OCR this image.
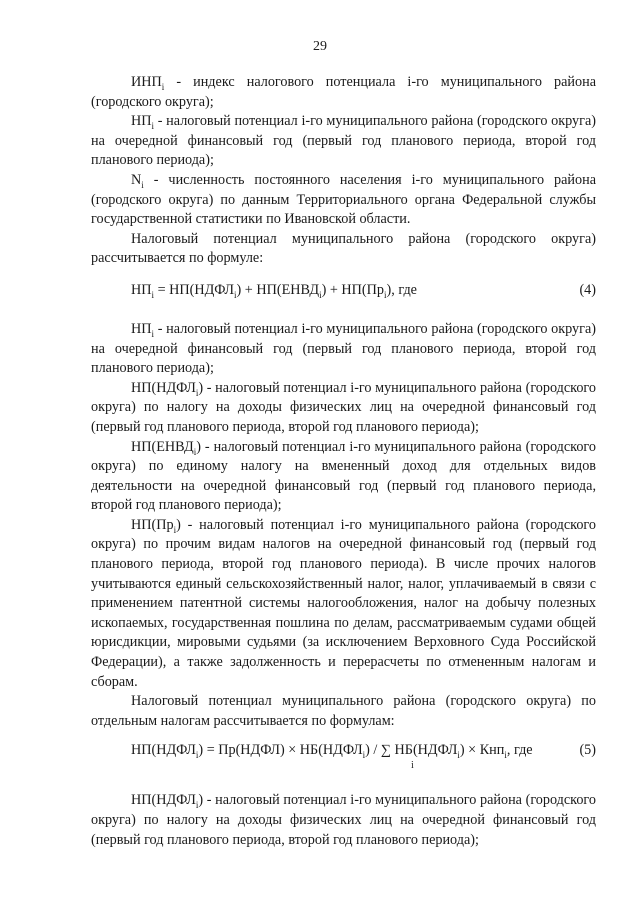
29

$ИНП_i$ - индекс налогового потенциала i-го муниципального района (городского округа);

$НП_i$ - налоговый потенциал i-го муниципального района (городского округа) на очередной финансовый год (первый год планового периода, второй год планового периода);

$N_i$ - численность постоянного населения i-го муниципального района (городского округа) по данным Территориального органа Федеральной службы государственной статистики по Ивановской области.

Налоговый потенциал муниципального района (городского округа) рассчитывается по формуле:

$НП_i$ = $НП(НДФЛ_i)$ + $НП(ЕНВД_i) + НП(Пр_i)$, где	(4)

$НП_i$ - налоговый потенциал i-го муниципального района (городского округа) на очередной финансовый год (первый год планового периода, второй год планового периода);

$НП(НДФЛ_i)$ - налоговый потенциал i-го муниципального района (городского округа) по налогу на доходы физических лиц на очередной финансовый год (первый год планового периода, второй год планового периода);

$НП(ЕНВД_i)$ - налоговый потенциал i-го муниципального района (городского округа) по единому налогу на вмененный доход для отдельных видов деятельности на очередной финансовый год (первый год планового периода, второй год планового периода);

$НП(Пр_i)$ - налоговый потенциал i-го муниципального района (городского округа) по прочим видам налогов на очередной финансовый год (первый год планового периода, второй год планового периода). В числе прочих налогов учитываются единый сельскохозяйственный налог, налог, уплачиваемый в связи с применением патентной системы налогообложения, налог на добычу полезных ископаемых, государственная пошлина по делам, рассматриваемым судами общей юрисдикции, мировыми судьями (за исключением Верховного Суда Российской Федерации), а также задолженность и перерасчеты по отмененным налогам и сборам.

Налоговый потенциал муниципального района (городского округа) по отдельным налогам рассчитывается по формулам:

$НП(НДФЛ_i)$ = Пр(НДФЛ) × $НБ(НДФЛ_i)$ / ∑ $НБ(НДФЛ_i) \times Кнп_i$, где
i
(5)

$НП(НДФЛ_i)$ - налоговый потенциал i-го муниципального района (городского округа) по налогу на доходы физических лиц на очередной финансовый год (первый год планового периода, второй год планового периода);
